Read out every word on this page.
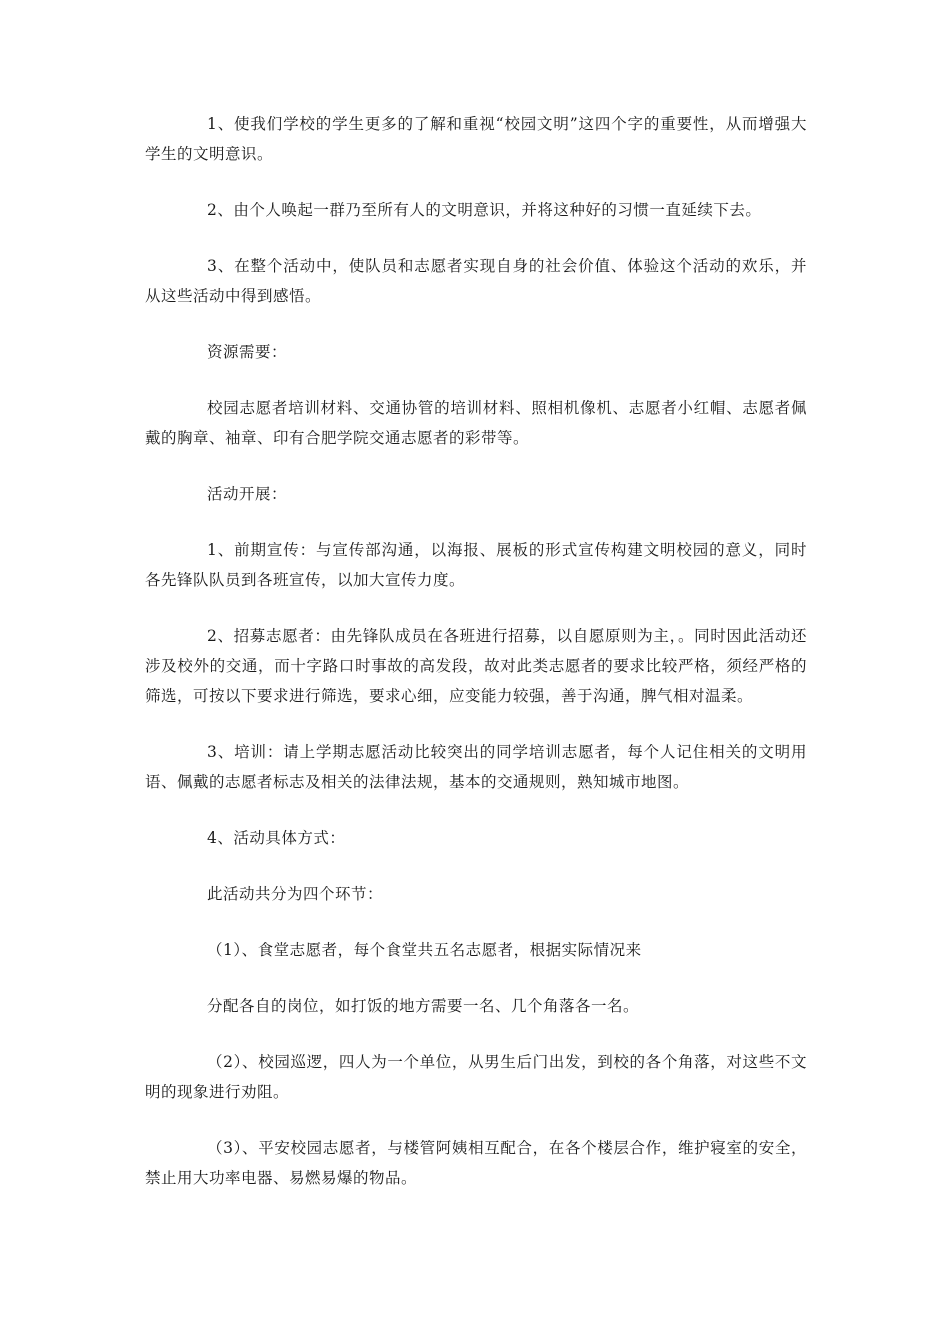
1、使我们学校的学生更多的了解和重视“校园文明”这四个字的重要性，从而增强大学生的文明意识。

2、由个人唤起一群乃至所有人的文明意识，并将这种好的习惯一直延续下去。

3、在整个活动中，使队员和志愿者实现自身的社会价值、体验这个活动的欢乐，并从这些活动中得到感悟。

资源需要：

校园志愿者培训材料、交通协管的培训材料、照相机像机、志愿者小红帽、志愿者佩戴的胸章、袖章、印有合肥学院交通志愿者的彩带等。

活动开展：

1、前期宣传：与宣传部沟通，以海报、展板的形式宣传构建文明校园的意义，同时各先锋队队员到各班宣传，以加大宣传力度。

2、招募志愿者：由先锋队成员在各班进行招募，以自愿原则为主，。同时因此活动还涉及校外的交通，而十字路口时事故的高发段，故对此类志愿者的要求比较严格，须经严格的筛选，可按以下要求进行筛选，要求心细，应变能力较强，善于沟通，脾气相对温柔。

3、培训：请上学期志愿活动比较突出的同学培训志愿者，每个人记住相关的文明用语、佩戴的志愿者标志及相关的法律法规，基本的交通规则，熟知城市地图。

4、活动具体方式：

此活动共分为四个环节：

（1）、食堂志愿者，每个食堂共五名志愿者，根据实际情况来

分配各自的岗位，如打饭的地方需要一名、几个角落各一名。

（2）、校园巡逻，四人为一个单位，从男生后门出发，到校的各个角落，对这些不文明的现象进行劝阻。

（3）、平安校园志愿者，与楼管阿姨相互配合，在各个楼层合作，维护寝室的安全，禁止用大功率电器、易燃易爆的物品。
